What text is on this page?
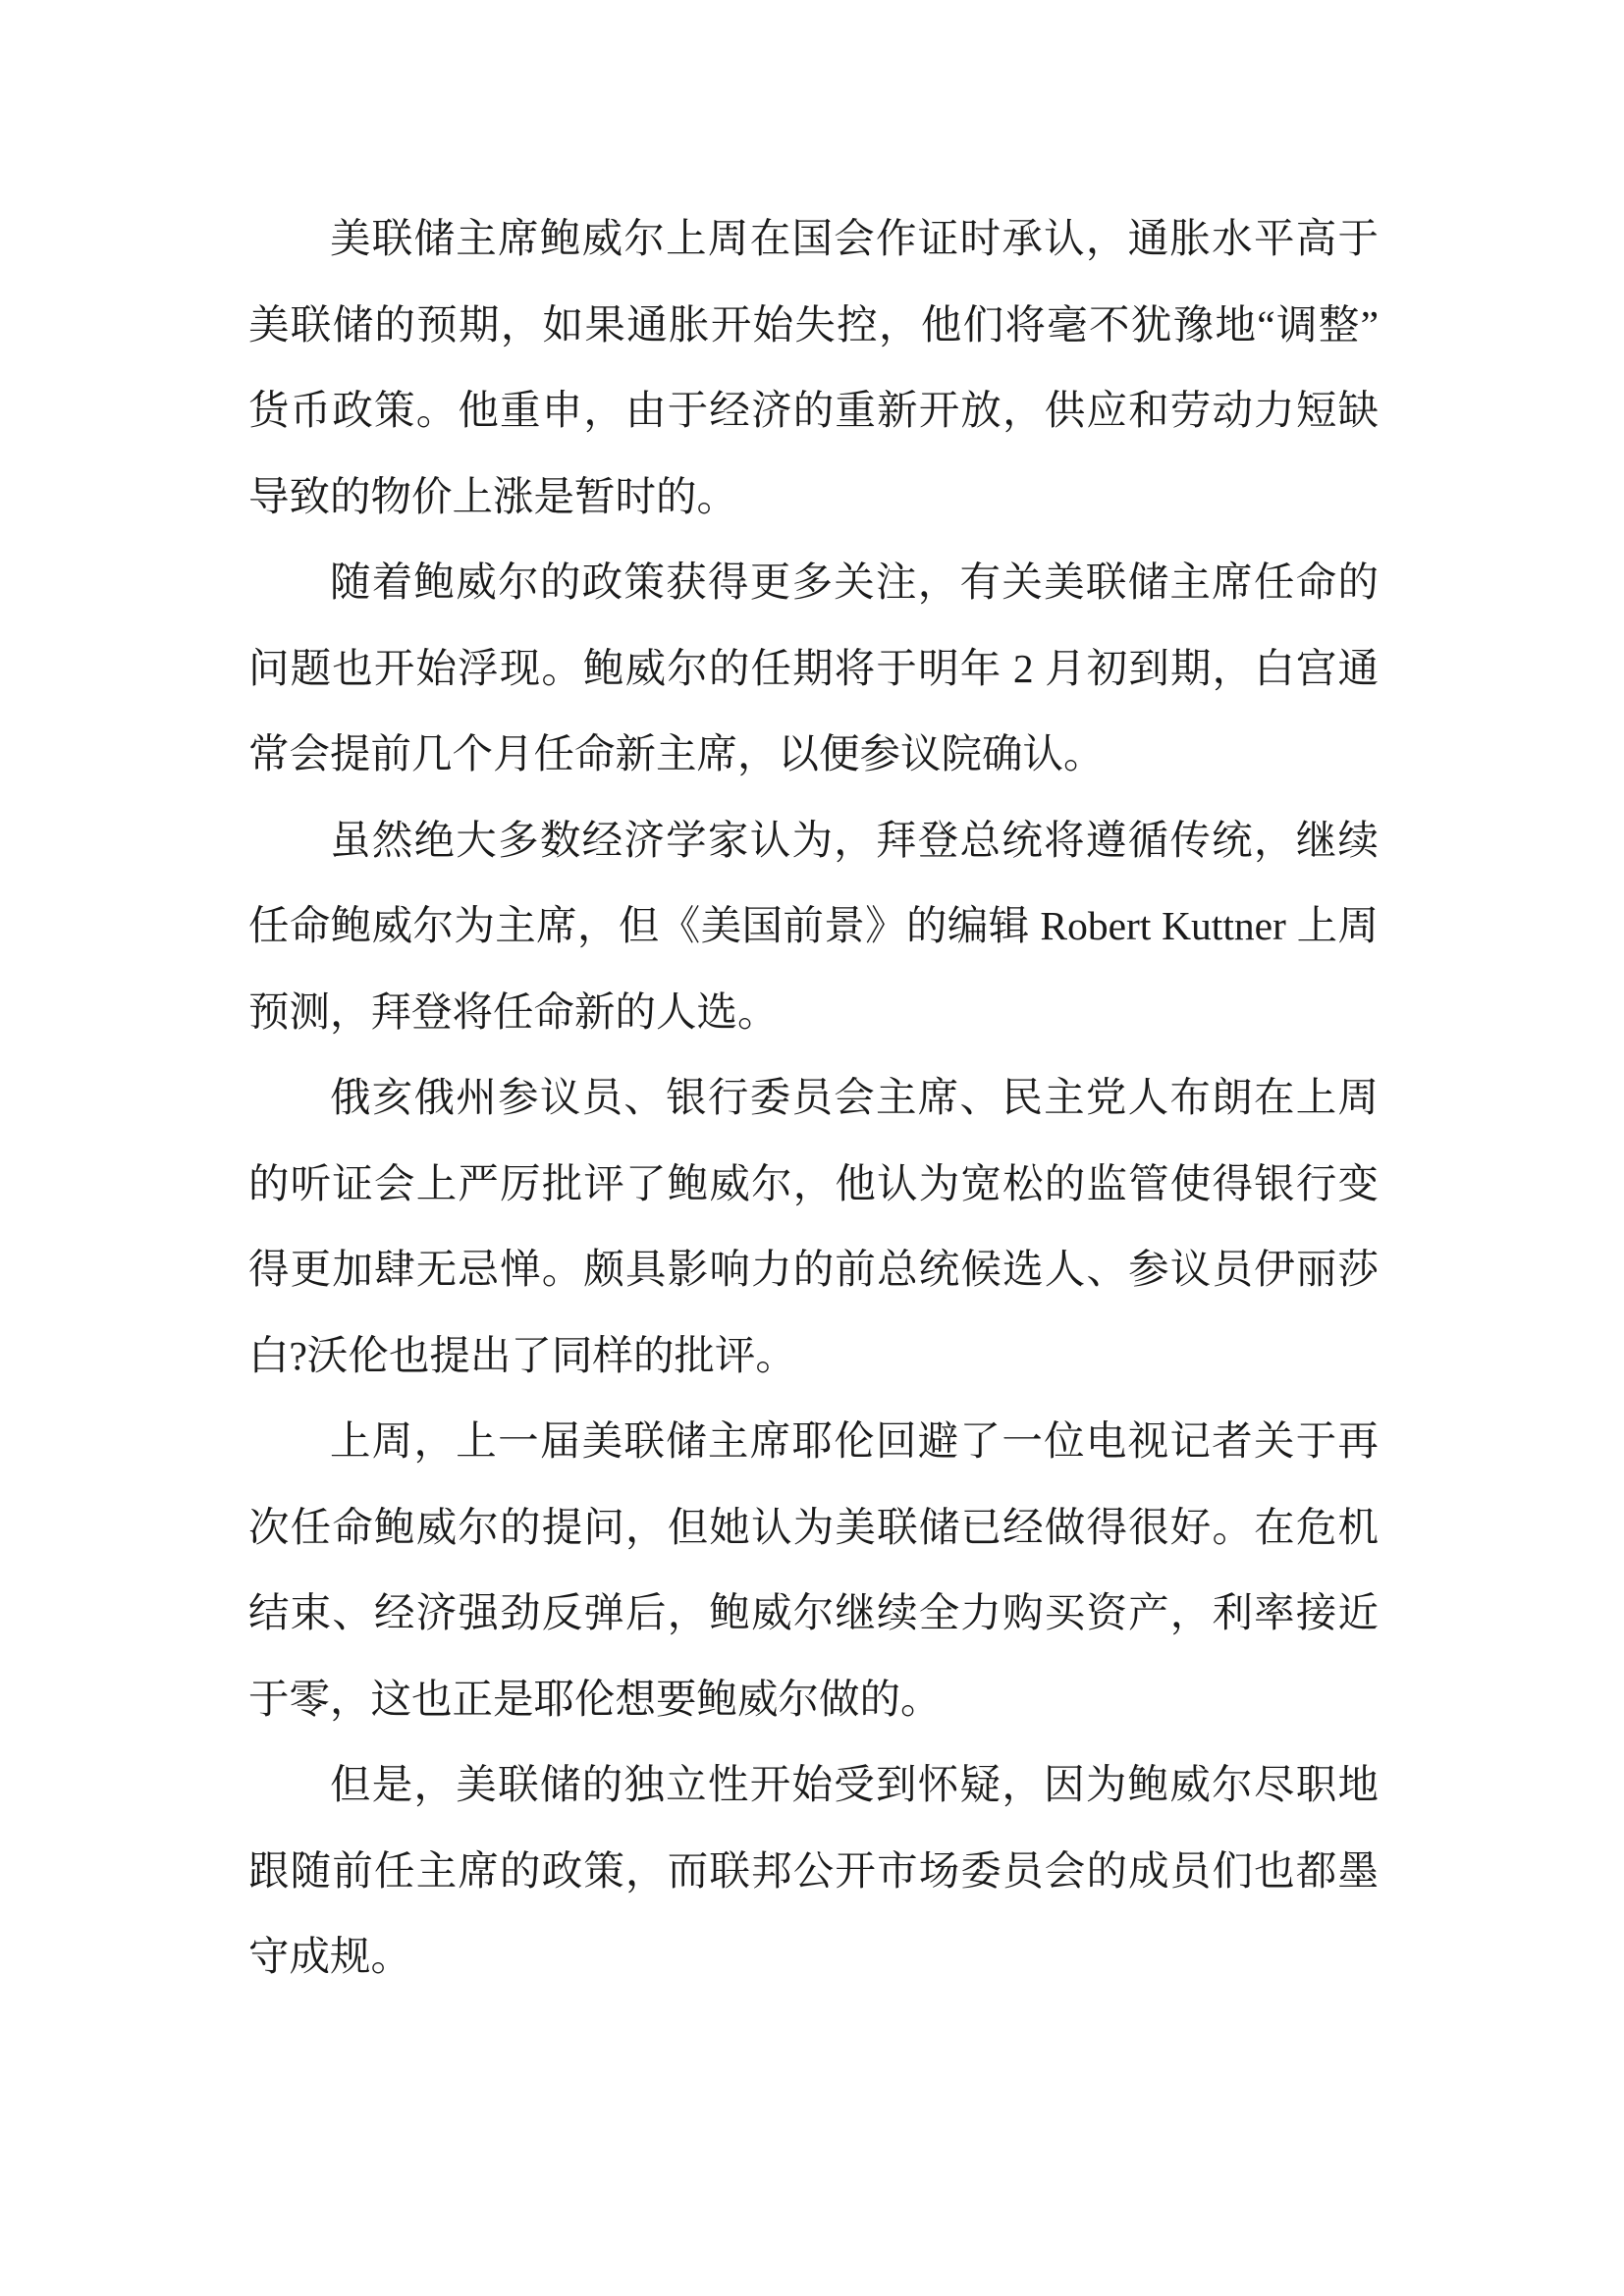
美联储主席鲍威尔上周在国会作证时承认，通胀水平高于美联储的预期，如果通胀开始失控，他们将毫不犹豫地“调整”货币政策。他重申，由于经济的重新开放，供应和劳动力短缺导致的物价上涨是暂时的。

随着鲍威尔的政策获得更多关注，有关美联储主席任命的问题也开始浮现。鲍威尔的任期将于明年 2 月初到期，白宫通常会提前几个月任命新主席，以便参议院确认。

虽然绝大多数经济学家认为，拜登总统将遵循传统，继续任命鲍威尔为主席，但《美国前景》的编辑 Robert Kuttner 上周预测，拜登将任命新的人选。

俄亥俄州参议员、银行委员会主席、民主党人布朗在上周的听证会上严厉批评了鲍威尔，他认为宽松的监管使得银行变得更加肆无忌惮。颇具影响力的前总统候选人、参议员伊丽莎白?沃伦也提出了同样的批评。

上周，上一届美联储主席耶伦回避了一位电视记者关于再次任命鲍威尔的提问，但她认为美联储已经做得很好。在危机结束、经济强劲反弹后，鲍威尔继续全力购买资产，利率接近于零，这也正是耶伦想要鲍威尔做的。

但是，美联储的独立性开始受到怀疑，因为鲍威尔尽职地跟随前任主席的政策，而联邦公开市场委员会的成员们也都墨守成规。
